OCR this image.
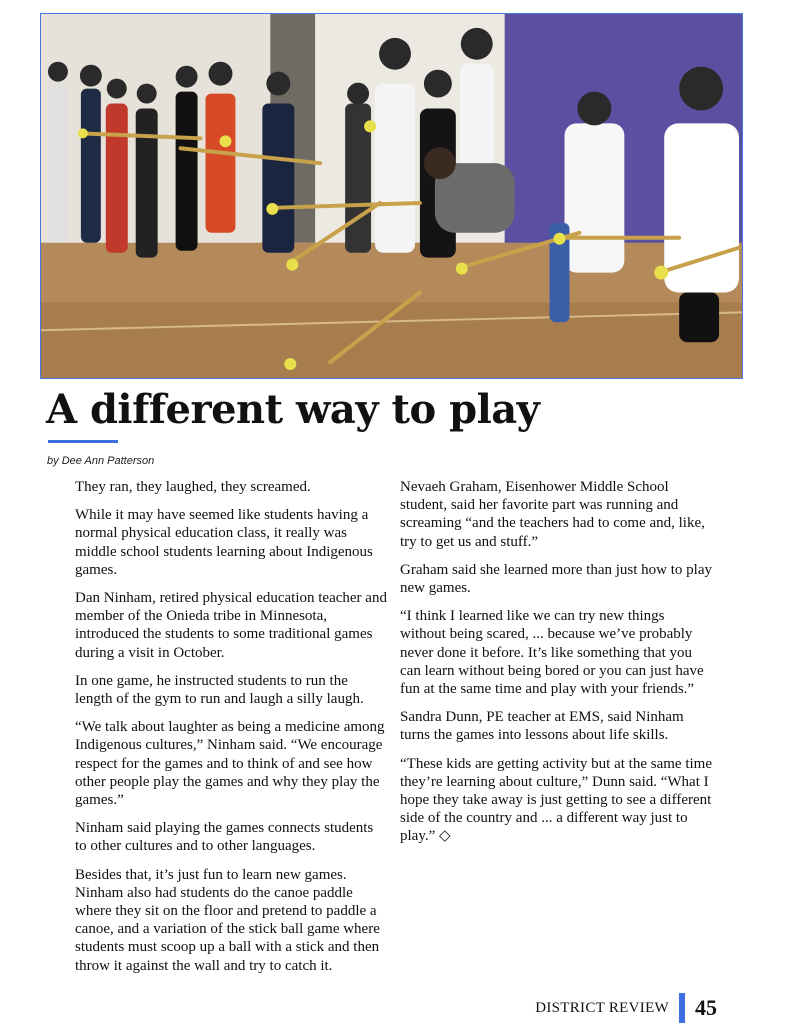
A different way to play
by Dee Ann Patterson

They ran, they laughed, they screamed.

While it may have seemed like students having a normal physical education class, it really was middle school students learning about Indigenous games.

Dan Ninham, retired physical education teacher and member of the Onieda tribe in Minnesota, introduced the students to some traditional games during a visit in October.

In one game, he instructed students to run the length of the gym to run and laugh a silly laugh.

“We talk about laughter as being a medicine among Indigenous cultures,” Ninham said. “We encourage respect for the games and to think of and see how other people play the games and why they play the games.”

Ninham said playing the games connects students to other cultures and to other languages.

Besides that, it’s just fun to learn new games. Ninham also had students do the canoe paddle where they sit on the floor and pretend to paddle a canoe, and a variation of the stick ball game where students must scoop up a ball with a stick and then throw it against the wall and try to catch it.

Nevaeh Graham, Eisenhower Middle School student, said her favorite part was running and screaming “and the teachers had to come and, like, try to get us and stuff.”

Graham said she learned more than just how to play new games.

“I think I learned like we can try new things without being scared, ... because we’ve probably never done it before. It’s like something that you can learn without being bored or you can just have fun at the same time and play with your friends.”

Sandra Dunn, PE teacher at EMS, said Ninham turns the games into lessons about life skills.

“These kids are getting activity but at the same time they’re learning about culture,” Dunn said. “What I hope they take away is just getting to see a different side of the country and ... a different way just to play.” ◇

DISTRICT REVIEW 45
